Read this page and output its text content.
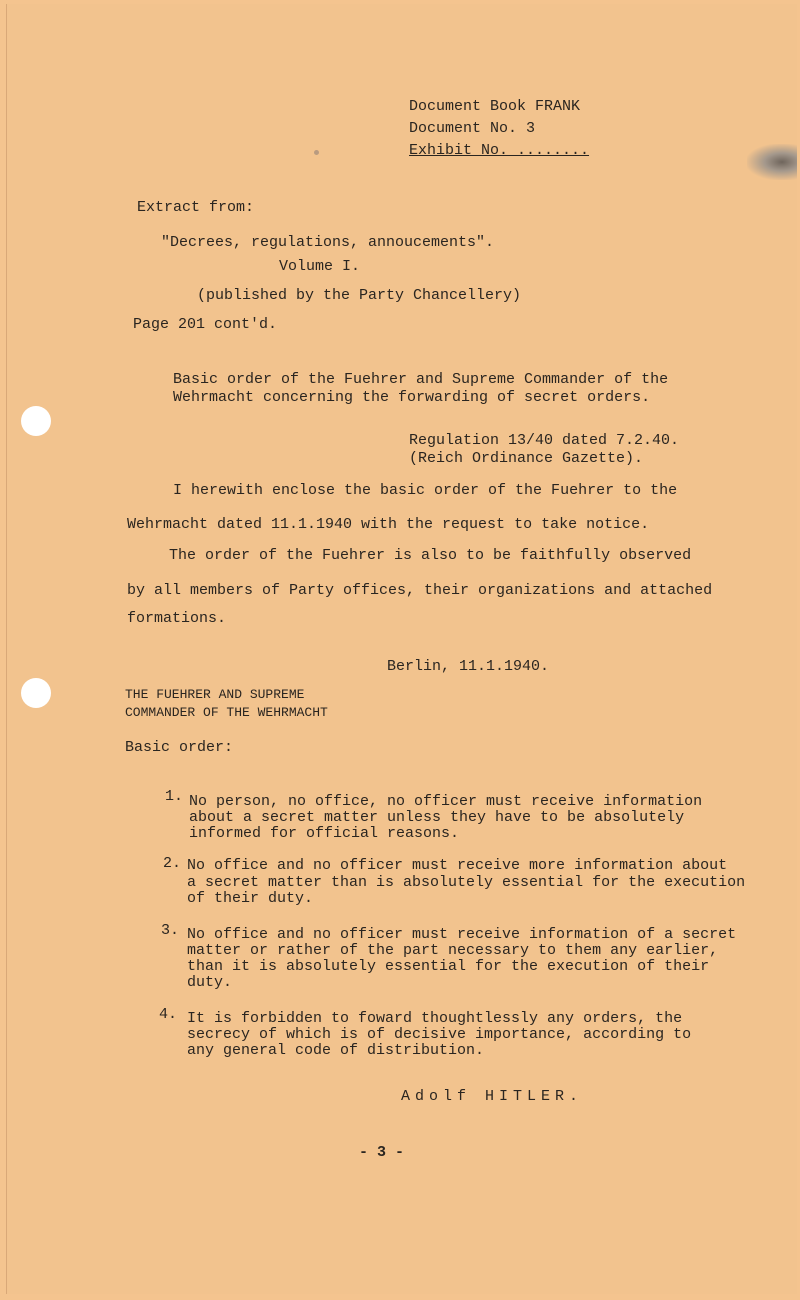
Document Book FRANK
Document No. 3
Exhibit No. ........
Extract from:
"Decrees, regulations, annoucements".
Volume I.
(published by the Party Chancellery)
Page 201 cont'd.
Basic order of the Fuehrer and Supreme Commander of the
Wehrmacht concerning the forwarding of secret orders.
Regulation 13/40 dated 7.2.40.
(Reich Ordinance Gazette).
I herewith enclose the basic order of the Fuehrer to the
Wehrmacht dated 11.1.1940 with the request to take notice.
The order of the Fuehrer is also to be faithfully observed
by all members of Party offices, their organizations and attached
formations.
Berlin, 11.1.1940.
THE FUEHRER AND SUPREME
COMMANDER OF THE WEHRMACHT
Basic order:
1. No person, no office, no officer must receive information
about a secret matter unless they have to be absolutely
informed for official reasons.
2. No office and no officer must receive more information about
a secret matter than is absolutely essential for the execution
of their duty.
3. No office and no officer must receive information of a secret
matter or rather of the part necessary to them any earlier,
than it is absolutely essential for the execution of their
duty.
4. It is forbidden to foward thoughtlessly any orders, the
secrecy of which is of decisive importance, according to
any general code of distribution.
Adolf HITLER.
- 3 -
